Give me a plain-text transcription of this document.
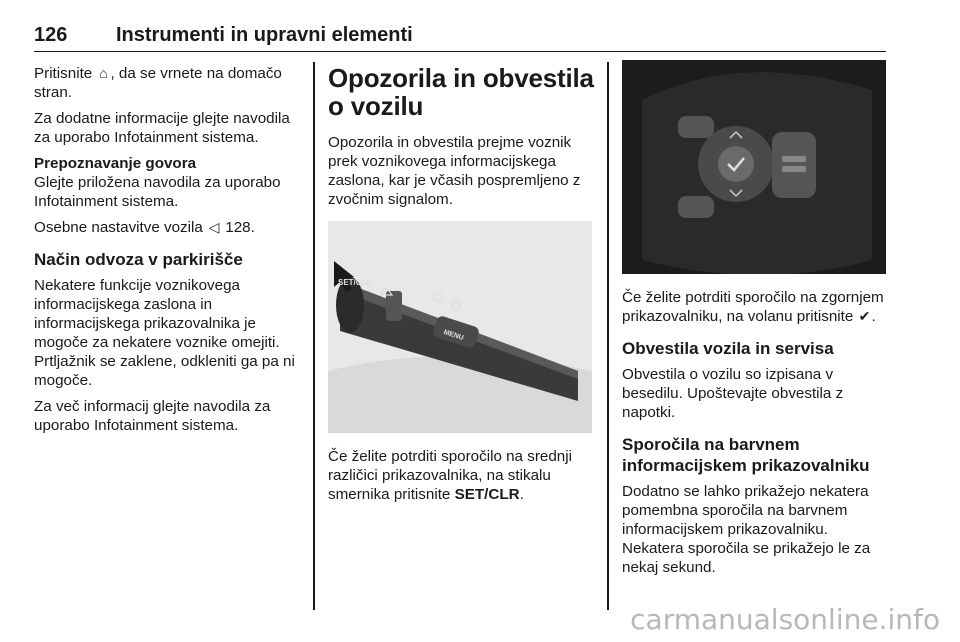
126 Instrumenti in upravni elementi

Pritisnite ⌂ , da se vrnete na domačo stran.

Za dodatne informacije glejte navodila za uporabo Infotainment sistema.

Prepoznavanje govora

Glejte priložena navodila za uporabo Infotainment sistema.

Osebne nastavitve vozila ◁ 128.

Način odvoza v parkirišče

Nekatere funkcije voznikovega informacijskega zaslona in informacijskega prikazovalnika je mogoče za nekatere voznike omejiti. Prtljažnik se zaklene, odkleniti ga pa ni mogoče.

Za več informacij glejte navodila za uporabo Infotainment sistema.

Opozorila in obvestila o vozilu

Opozorila in obvestila prejme voznik prek voznikovega informacijskega zaslona, kar je včasih pospremljeno z zvočnim signalom.

SET/CLR
MENU

Če želite potrditi sporočilo na srednji različici prikazovalnika, na stikalu smernika pritisnite SET/CLR.

Če želite potrditi sporočilo na zgornjem prikazovalniku, na volanu pritisnite ✔.

Obvestila vozila in servisa

Obvestila o vozilu so izpisana v besedilu. Upoštevajte obvestila z napotki.

Sporočila na barvnem informacijskem prikazovalniku

Dodatno se lahko prikažejo nekatera pomembna sporočila na barvnem informacijskem prikazovalniku. Nekatera sporočila se prikažejo le za nekaj sekund.

carmanualsonline.info
